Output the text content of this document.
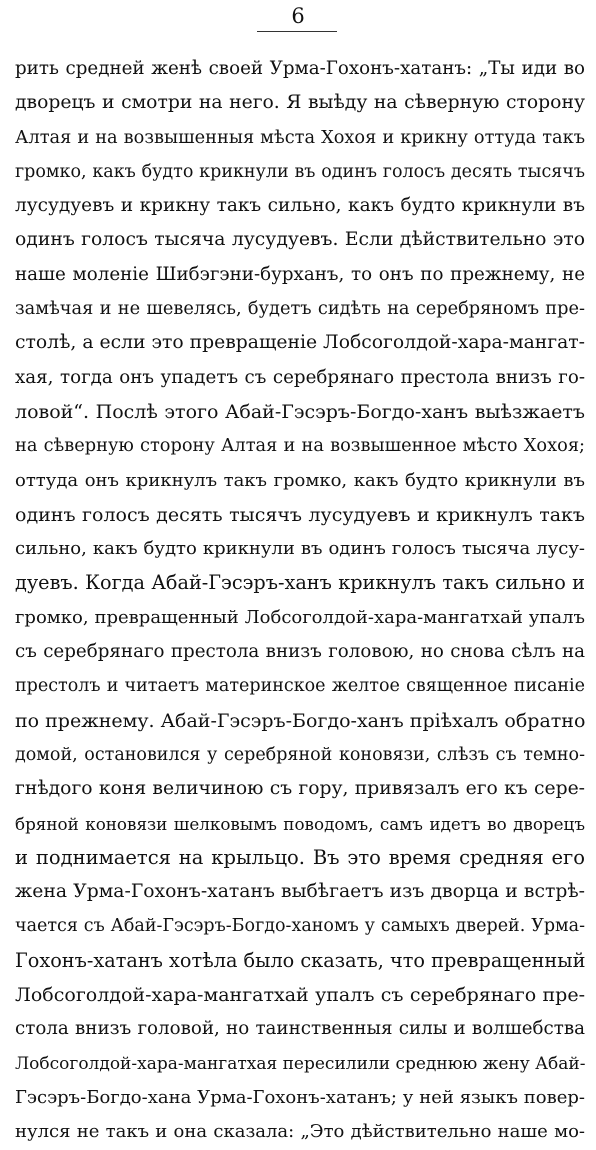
6
рить средней женѣ своей Урма-Гохонъ-хатанъ: „Ты иди во
дворецъ и смотри на него. Я выѣду на сѣверную сторону
Алтая и на возвышенныя мѣста Хохоя и крикну оттуда такъ
громко, какъ будто крикнули въ одинъ голосъ десять тысячъ
лусудуевъ и крикну такъ сильно, какъ будто крикнули въ
одинъ голосъ тысяча лусудуевъ. Если дѣйствительно это
наше моленіе Шибэгэни-бурханъ, то онъ по прежнему, не
замѣчая и не шевелясь, будетъ сидѣть на серебряномъ пре-
столѣ, а если это превращеніе Лобсоголдой-хара-мангат-
хая, тогда онъ упадетъ съ серебрянаго престола внизъ го-
ловой“. Послѣ этого Абай-Гэсэръ-Богдо-ханъ выѣзжаетъ
на сѣверную сторону Алтая и на возвышенное мѣсто Хохоя;
оттуда онъ крикнулъ такъ громко, какъ будто крикнули въ
одинъ голосъ десять тысячъ лусудуевъ и крикнулъ такъ
сильно, какъ будто крикнули въ одинъ голосъ тысяча лусу-
дуевъ. Когда Абай-Гэсэръ-ханъ крикнулъ такъ сильно и
громко, превращенный Лобсоголдой-хара-мангатхай упалъ
съ серебрянаго престола внизъ головою, но снова сѣлъ на
престолъ и читаетъ материнское желтое священное писаніе
по прежнему. Абай-Гэсэръ-Богдо-ханъ пріѣхалъ обратно
домой, остановился у серебряной коновязи, слѣзъ съ темно-
гнѣдого коня величиною съ гору, привязалъ его къ сере-
бряной коновязи шелковымъ поводомъ, самъ идетъ во дворецъ
и поднимается на крыльцо. Въ это время средняя его
жена Урма-Гохонъ-хатанъ выбѣгаетъ изъ дворца и встрѣ-
чается съ Абай-Гэсэръ-Богдо-ханомъ у самыхъ дверей. Урма-
Гохонъ-хатанъ хотѣла было сказать, что превращенный
Лобсоголдой-хара-мангатхай упалъ съ серебрянаго пре-
стола внизъ головой, но таинственныя силы и волшебства
Лобсоголдой-хара-мангатхая пересилили среднюю жену Абай-
Гэсэръ-Богдо-хана Урма-Гохонъ-хатанъ; у ней языкъ повер-
нулся не такъ и она сказала: „Это дѣйствительно наше мо-
